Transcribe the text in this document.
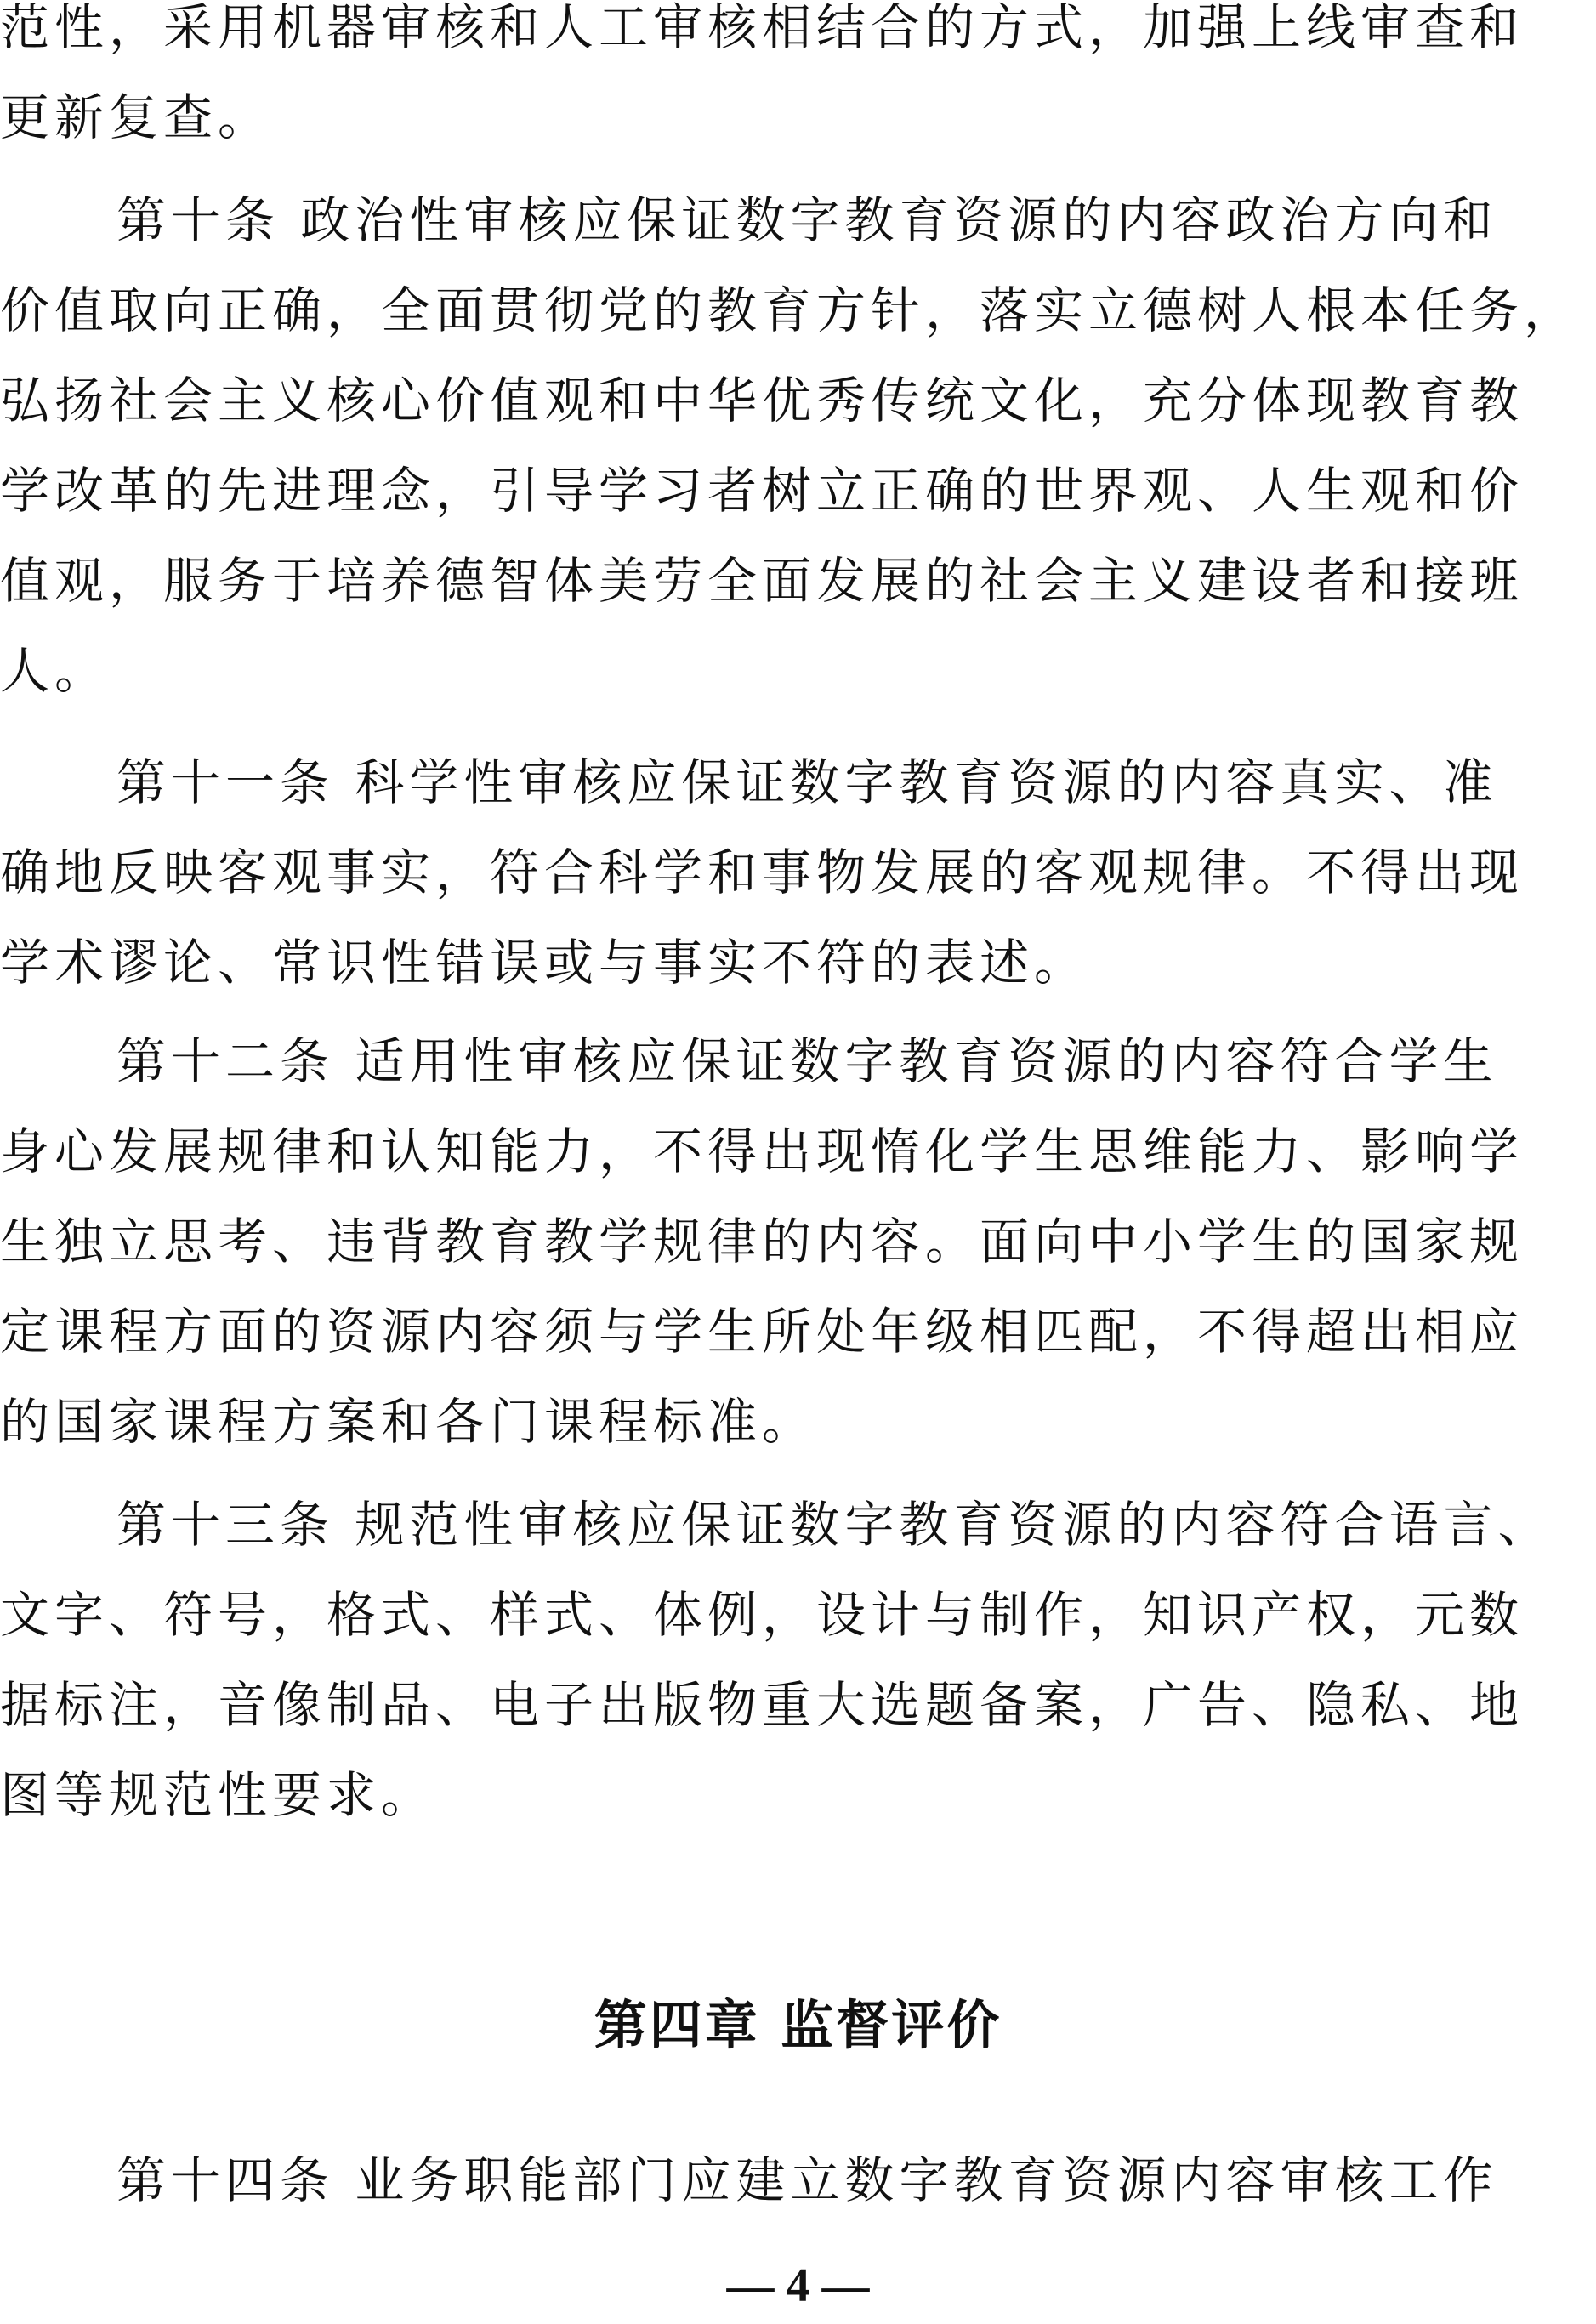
范性，采用机器审核和人工审核相结合的方式，加强上线审查和
更新复查。
第十条 政治性审核应保证数字教育资源的内容政治方向和
价值取向正确，全面贯彻党的教育方针，落实立德树人根本任务，
弘扬社会主义核心价值观和中华优秀传统文化，充分体现教育教
学改革的先进理念，引导学习者树立正确的世界观、人生观和价
值观，服务于培养德智体美劳全面发展的社会主义建设者和接班
人。
第十一条 科学性审核应保证数字教育资源的内容真实、准
确地反映客观事实，符合科学和事物发展的客观规律。不得出现
学术谬论、常识性错误或与事实不符的表述。
第十二条 适用性审核应保证数字教育资源的内容符合学生
身心发展规律和认知能力，不得出现惰化学生思维能力、影响学
生独立思考、违背教育教学规律的内容。面向中小学生的国家规
定课程方面的资源内容须与学生所处年级相匹配，不得超出相应
的国家课程方案和各门课程标准。
第十三条 规范性审核应保证数字教育资源的内容符合语言、
文字、符号，格式、样式、体例，设计与制作，知识产权，元数
据标注，音像制品、电子出版物重大选题备案，广告、隐私、地
图等规范性要求。
第四章 监督评价
第十四条 业务职能部门应建立数字教育资源内容审核工作
— 4 —
